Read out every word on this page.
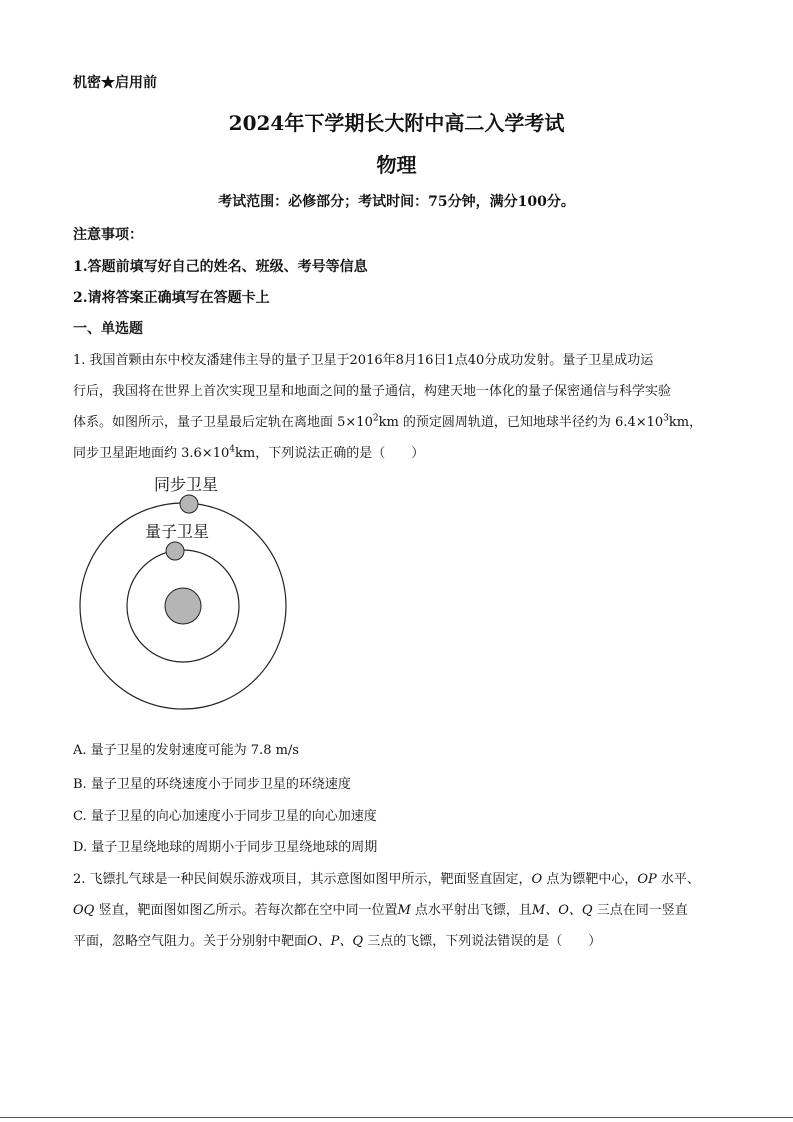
机密★启用前
2024年下学期长大附中高二入学考试
物理
考试范围：必修部分；考试时间：75分钟，满分100分。
注意事项：
1.答题前填写好自己的姓名、班级、考号等信息
2.请将答案正确填写在答题卡上
一、单选题
1. 我国首颗由东中校友潘建伟主导的量子卫星于2016年8月16日1点40分成功发射。量子卫星成功运
行后，我国将在世界上首次实现卫星和地面之间的量子通信，构建天地一体化的量子保密通信与科学实验
体系。如图所示，量子卫星最后定轨在离地面 $5\times 10^2km$ 的预定圆周轨道，已知地球半径约为 $6.4\times 10^3km$，
同步卫星距地面约 $3.6\times 10^4km$，下列说法正确的是（　　）
同步卫星
量子卫星
A. 量子卫星的发射速度可能为 7.8 m/s
B. 量子卫星的环绕速度小于同步卫星的环绕速度
C. 量子卫星的向心加速度小于同步卫星的向心加速度
D. 量子卫星绕地球的周期小于同步卫星绕地球的周期
2. 飞镖扎气球是一种民间娱乐游戏项目，其示意图如图甲所示，靶面竖直固定，O 点为镖靶中心，OP 水平、
OQ 竖直，靶面图如图乙所示。若每次都在空中同一位置M 点水平射出飞镖，且M、O、Q 三点在同一竖直
平面，忽略空气阻力。关于分别射中靶面O、P、Q 三点的飞镖，下列说法错误的是（　　）
